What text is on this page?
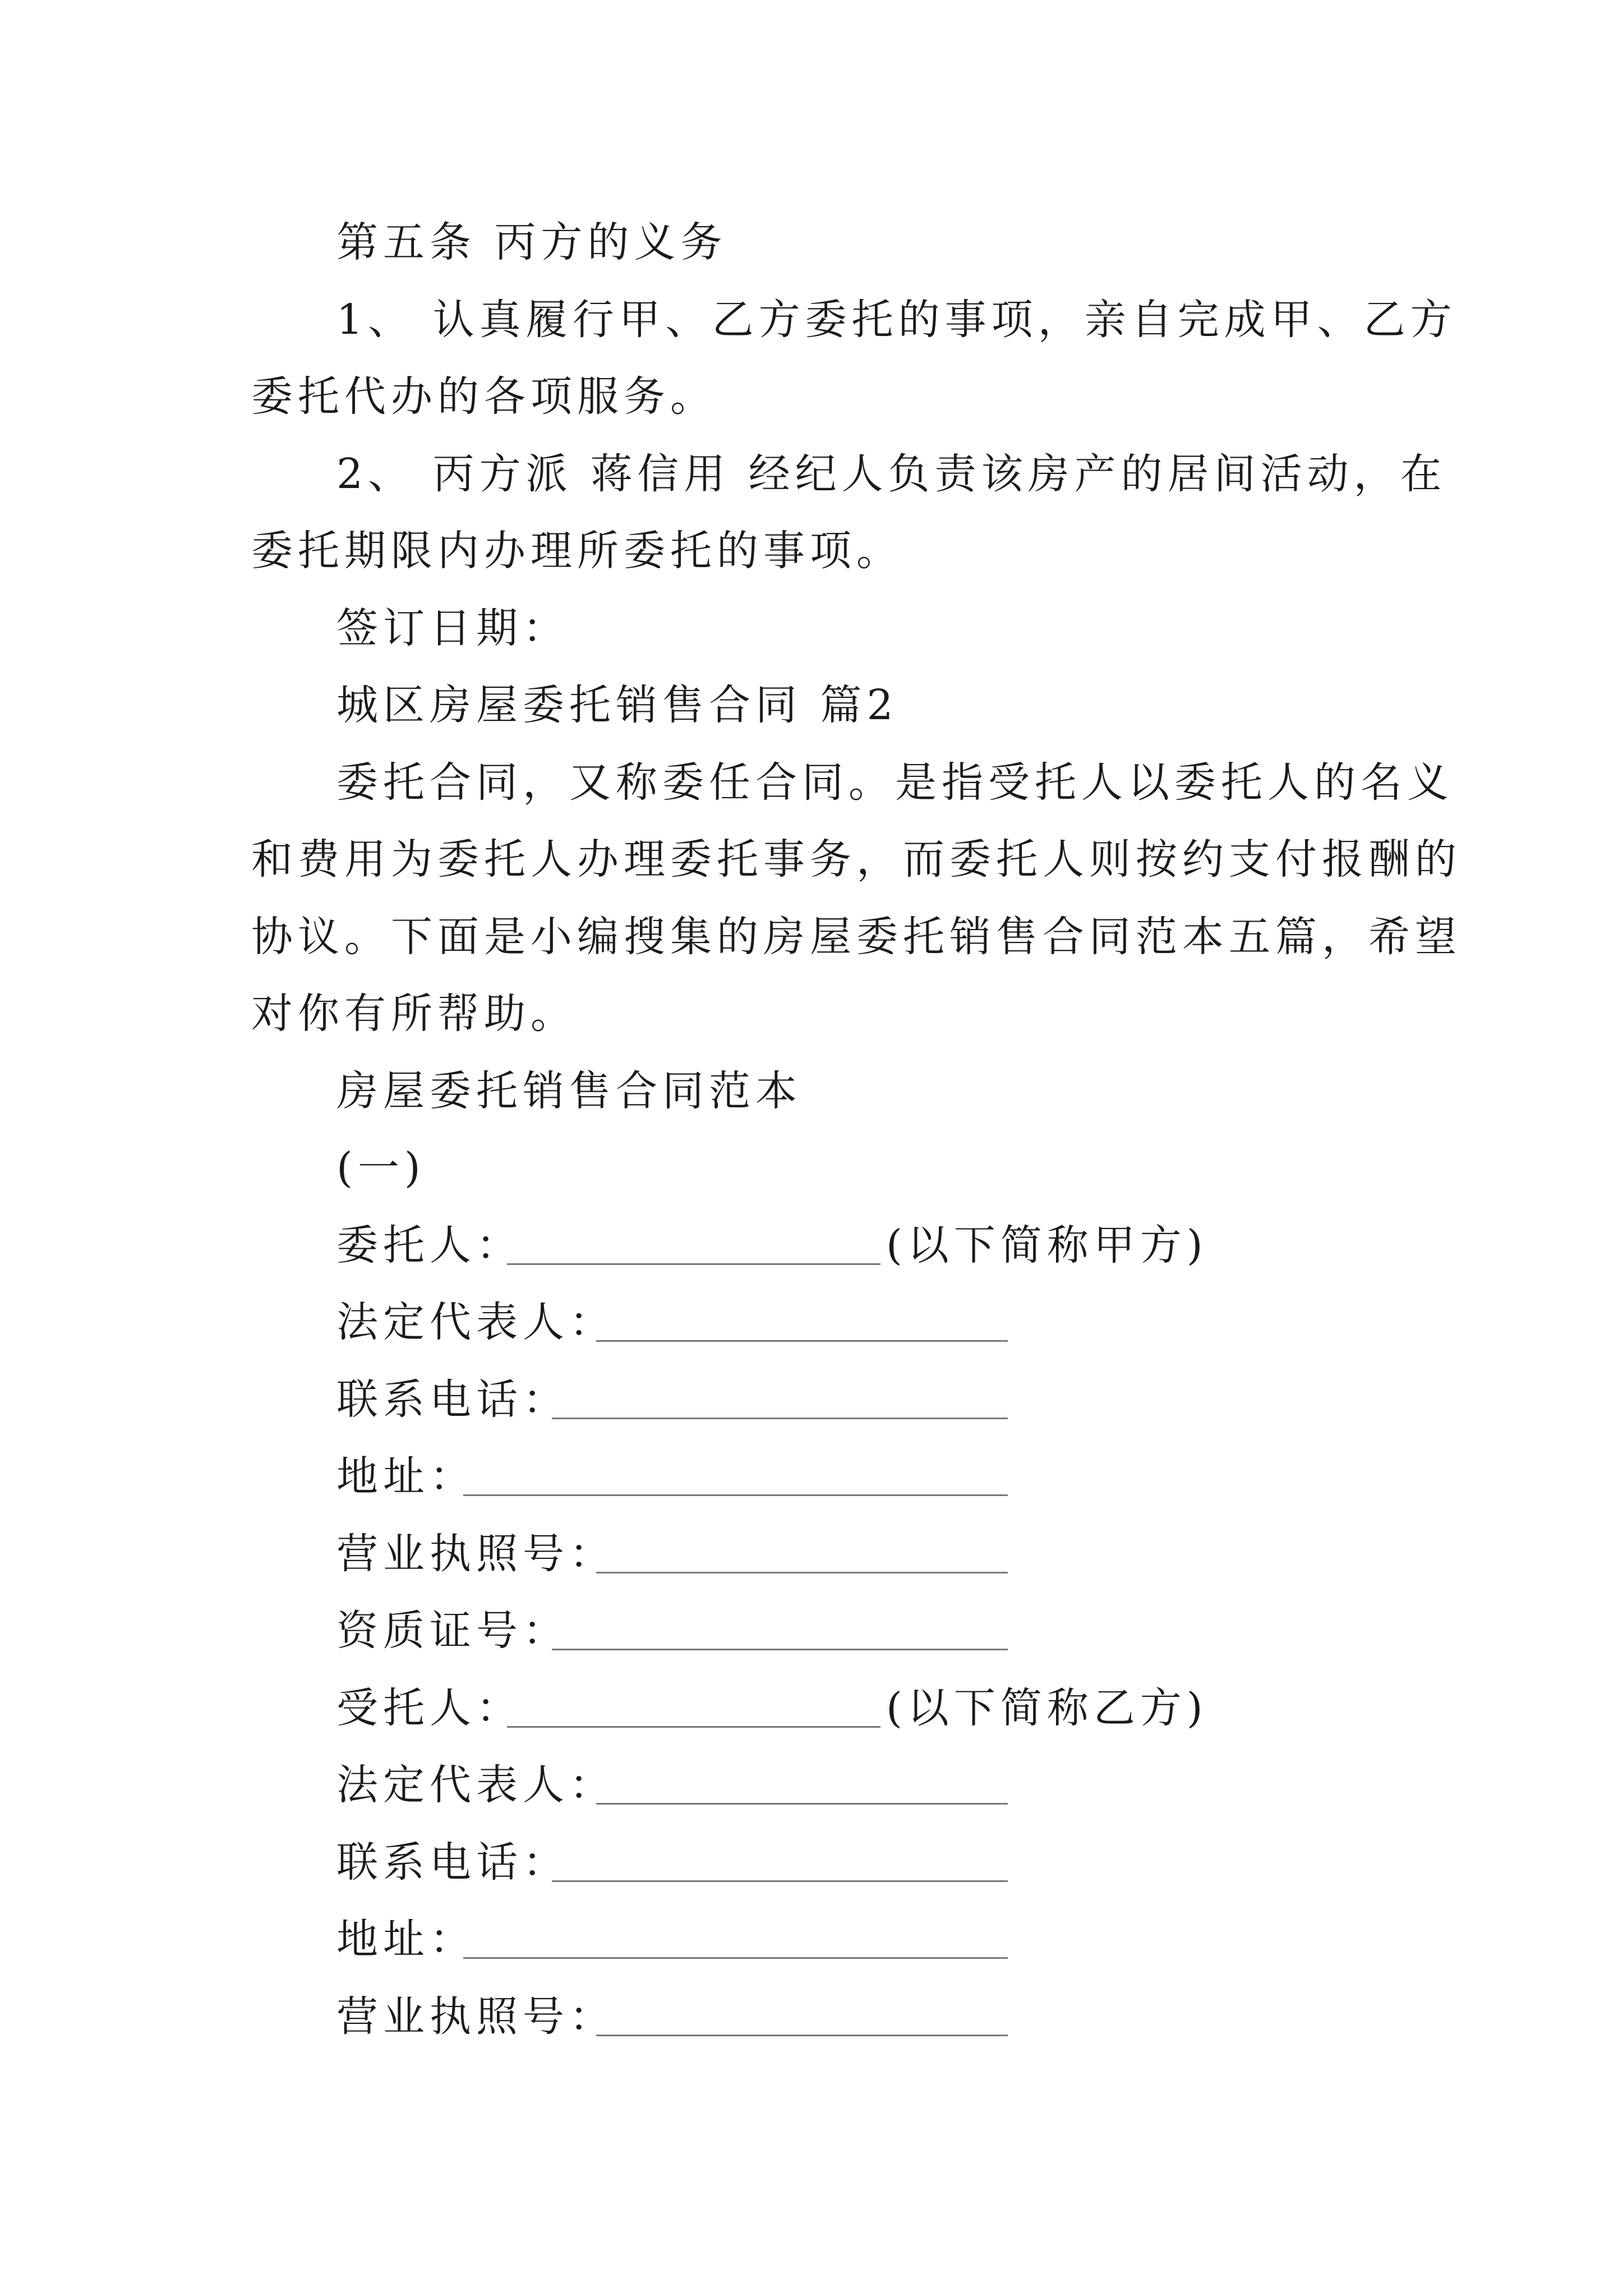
第五条 丙方的义务
1、 认真履行甲、乙方委托的事项，亲自完成甲、乙方
委托代办的各项服务。
2、 丙方派 蒋信用 经纪人负责该房产的居间活动，在
委托期限内办理所委托的事项。
签订日期：
城区房屋委托销售合同 篇2
委托合同，又称委任合同。是指受托人以委托人的名义
和费用为委托人办理委托事务，而委托人则按约支付报酬的
协议。下面是小编搜集的房屋委托销售合同范本五篇，希望
对你有所帮助。
房屋委托销售合同范本
(一)
委托人：	(以下简称甲方)
法定代表人：
联系电话：
地址：
营业执照号：
资质证号：
受托人：	(以下简称乙方)
法定代表人：
联系电话：
地址：
营业执照号：
